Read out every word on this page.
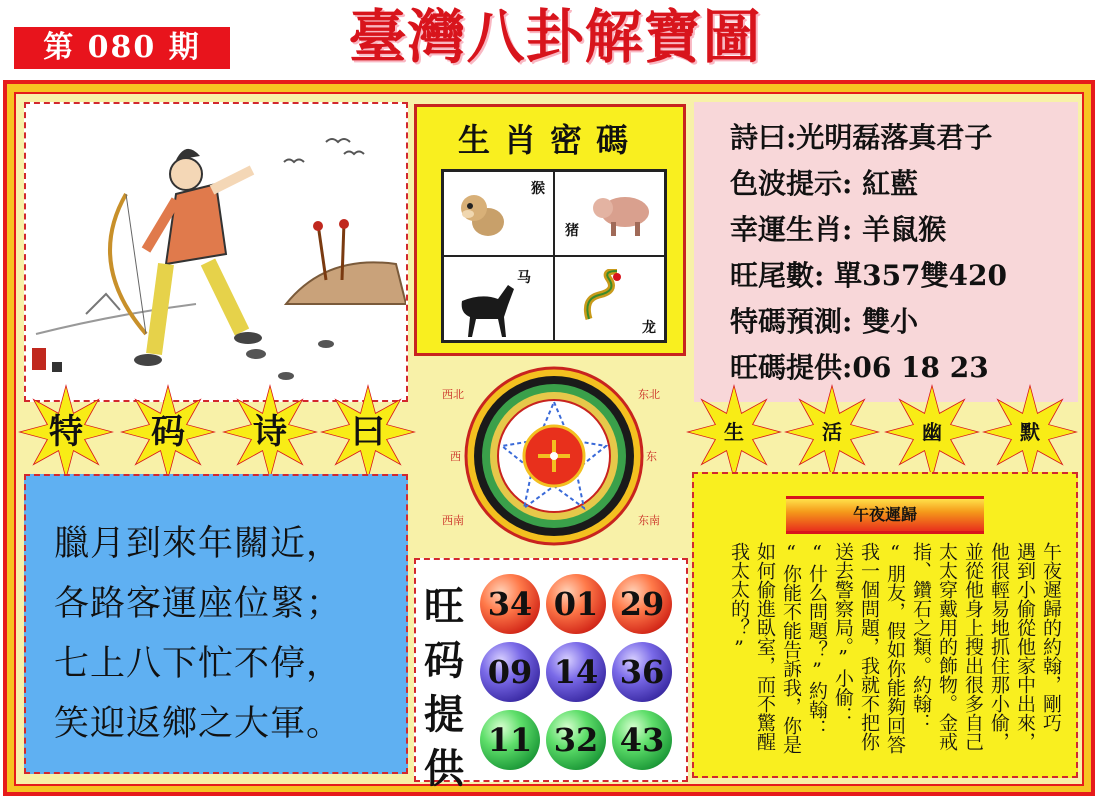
第 080 期	臺灣八卦解寶圖
生肖密碼
猴
猪
马
龙
詩曰:光明磊落真君子
色波提示: 紅藍
幸運生肖: 羊鼠猴
旺尾數: 單357雙420
特碼預測: 雙小
旺碼提供:06 18 23
特	码	诗	曰	生	活	幽	默
臘月到來年關近，
各路客運座位緊；
七上八下忙不停，
笑迎返鄉之大軍。
西北	东北
西南	东南
西	东
旺
码
提
供
34 01 29
09 14 36
11 32 43
午夜遲歸
午夜遲歸的約翰，剛巧
遇到小偷從他家中出來，
他很輕易地抓住那小偷，
並從他身上搜出很多自己
太太穿戴用的飾物。金戒
指、鑽石之類。約翰：
“朋友，假如你能夠回答
我一個問題，我就不把你
送去警察局。”小偷：
“什么問題？”約翰：
“你能不能告訴我，你是
如何偷進臥室，而不驚醒
我太太的？”
